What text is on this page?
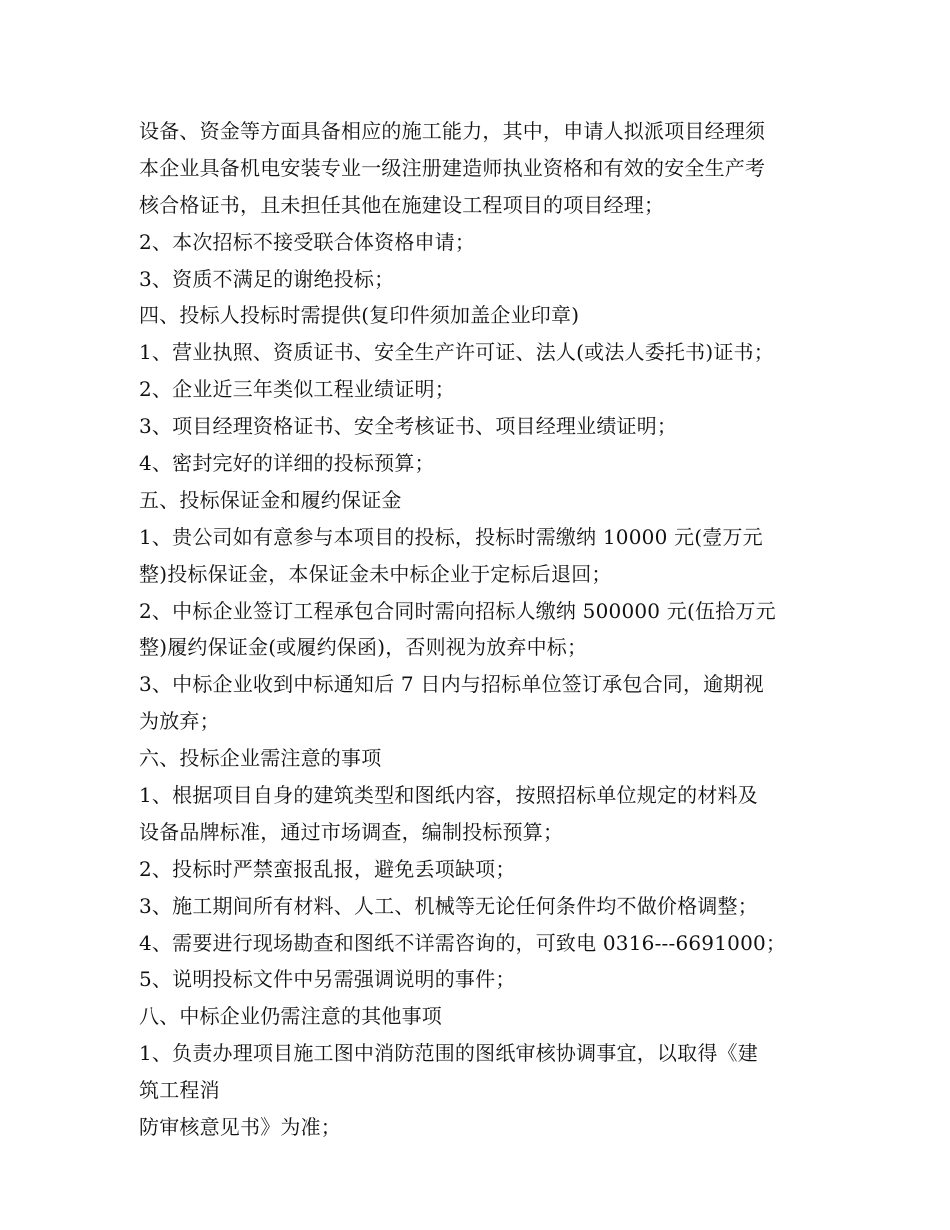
设备、资金等方面具备相应的施工能力，其中，申请人拟派项目经理须
本企业具备机电安装专业一级注册建造师执业资格和有效的安全生产考
核合格证书，且未担任其他在施建设工程项目的项目经理；
2、本次招标不接受联合体资格申请；
3、资质不满足的谢绝投标；
四、投标人投标时需提供(复印件须加盖企业印章)
1、营业执照、资质证书、安全生产许可证、法人(或法人委托书)证书；
2、企业近三年类似工程业绩证明；
3、项目经理资格证书、安全考核证书、项目经理业绩证明；
4、密封完好的详细的投标预算；
五、投标保证金和履约保证金
1、贵公司如有意参与本项目的投标，投标时需缴纳 10000 元(壹万元
整)投标保证金，本保证金未中标企业于定标后退回；
2、中标企业签订工程承包合同时需向招标人缴纳 500000 元(伍拾万元
整)履约保证金(或履约保函)，否则视为放弃中标；
3、中标企业收到中标通知后 7 日内与招标单位签订承包合同，逾期视
为放弃；
六、投标企业需注意的事项
1、根据项目自身的建筑类型和图纸内容，按照招标单位规定的材料及
设备品牌标准，通过市场调查，编制投标预算；
2、投标时严禁蛮报乱报，避免丢项缺项；
3、施工期间所有材料、人工、机械等无论任何条件均不做价格调整；
4、需要进行现场勘查和图纸不详需咨询的，可致电 0316---6691000；
5、说明投标文件中另需强调说明的事件；
八、中标企业仍需注意的其他事项
1、负责办理项目施工图中消防范围的图纸审核协调事宜，以取得《建
筑工程消
防审核意见书》为准；
